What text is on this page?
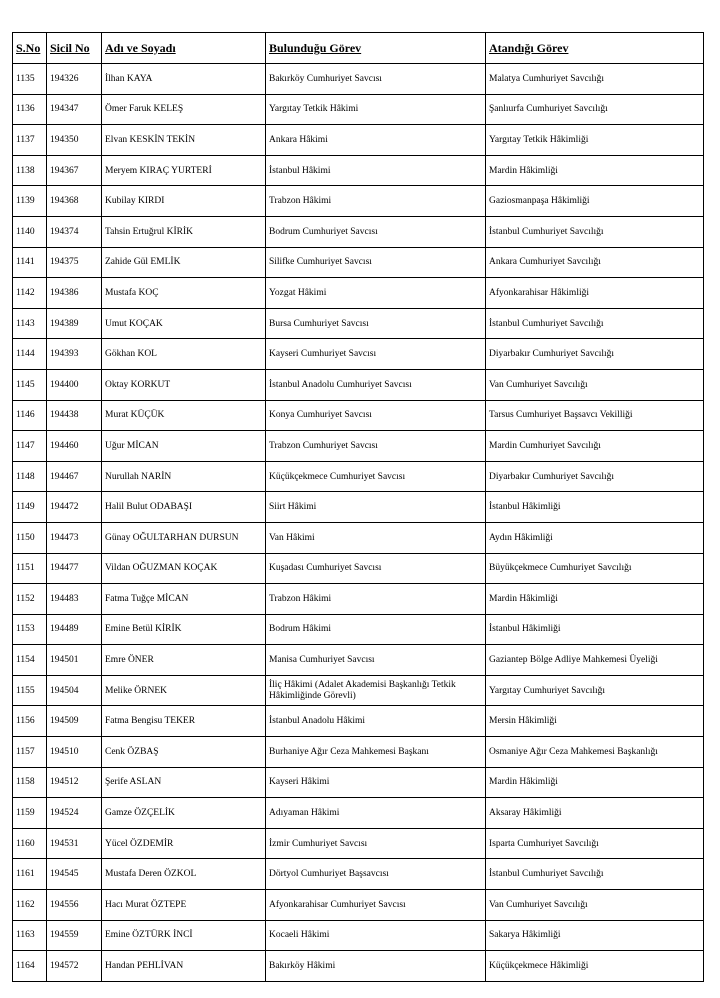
S.No	Sicil No	Adı ve Soyadı	Bulunduğu Görev	Atandığı Görev
1135	194326	İlhan KAYA	Bakırköy Cumhuriyet Savcısı	Malatya Cumhuriyet Savcılığı
1136	194347	Ömer Faruk KELEŞ	Yargıtay Tetkik Hâkimi	Şanlıurfa Cumhuriyet Savcılığı
1137	194350	Elvan KESKİN TEKİN	Ankara Hâkimi	Yargıtay Tetkik Hâkimliği
1138	194367	Meryem KIRAÇ YURTERİ	İstanbul Hâkimi	Mardin Hâkimliği
1139	194368	Kubilay KIRDI	Trabzon Hâkimi	Gaziosmanpaşa Hâkimliği
1140	194374	Tahsin Ertuğrul KİRİK	Bodrum Cumhuriyet Savcısı	İstanbul Cumhuriyet Savcılığı
1141	194375	Zahide Gül EMLİK	Silifke Cumhuriyet Savcısı	Ankara Cumhuriyet Savcılığı
1142	194386	Mustafa KOÇ	Yozgat Hâkimi	Afyonkarahisar Hâkimliği
1143	194389	Umut KOÇAK	Bursa Cumhuriyet Savcısı	İstanbul Cumhuriyet Savcılığı
1144	194393	Gökhan KOL	Kayseri Cumhuriyet Savcısı	Diyarbakır Cumhuriyet Savcılığı
1145	194400	Oktay KORKUT	İstanbul Anadolu Cumhuriyet Savcısı	Van Cumhuriyet Savcılığı
1146	194438	Murat KÜÇÜK	Konya Cumhuriyet Savcısı	Tarsus Cumhuriyet Başsavcı Vekilliği
1147	194460	Uğur MİCAN	Trabzon Cumhuriyet Savcısı	Mardin Cumhuriyet Savcılığı
1148	194467	Nurullah NARİN	Küçükçekmece Cumhuriyet Savcısı	Diyarbakır Cumhuriyet Savcılığı
1149	194472	Halil Bulut ODABAŞI	Siirt Hâkimi	İstanbul Hâkimliği
1150	194473	Günay OĞULTARHAN DURSUN	Van Hâkimi	Aydın Hâkimliği
1151	194477	Vildan OĞUZMAN KOÇAK	Kuşadası Cumhuriyet Savcısı	Büyükçekmece Cumhuriyet Savcılığı
1152	194483	Fatma Tuğçe MİCAN	Trabzon Hâkimi	Mardin Hâkimliği
1153	194489	Emine Betül KİRİK	Bodrum Hâkimi	İstanbul Hâkimliği
1154	194501	Emre ÖNER	Manisa Cumhuriyet Savcısı	Gaziantep Bölge Adliye Mahkemesi Üyeliği
1155	194504	Melike ÖRNEK	İliç Hâkimi (Adalet Akademisi Başkanlığı Tetkik Hâkimliğinde Görevli)	Yargıtay Cumhuriyet Savcılığı
1156	194509	Fatma Bengisu TEKER	İstanbul Anadolu Hâkimi	Mersin Hâkimliği
1157	194510	Cenk ÖZBAŞ	Burhaniye Ağır Ceza Mahkemesi Başkanı	Osmaniye Ağır Ceza Mahkemesi Başkanlığı
1158	194512	Şerife ASLAN	Kayseri Hâkimi	Mardin Hâkimliği
1159	194524	Gamze ÖZÇELİK	Adıyaman Hâkimi	Aksaray Hâkimliği
1160	194531	Yücel ÖZDEMİR	İzmir Cumhuriyet Savcısı	Isparta Cumhuriyet Savcılığı
1161	194545	Mustafa Deren ÖZKOL	Dörtyol Cumhuriyet Başsavcısı	İstanbul Cumhuriyet Savcılığı
1162	194556	Hacı Murat ÖZTEPE	Afyonkarahisar Cumhuriyet Savcısı	Van Cumhuriyet Savcılığı
1163	194559	Emine ÖZTÜRK İNCİ	Kocaeli Hâkimi	Sakarya Hâkimliği
1164	194572	Handan PEHLİVAN	Bakırköy Hâkimi	Küçükçekmece Hâkimliği
